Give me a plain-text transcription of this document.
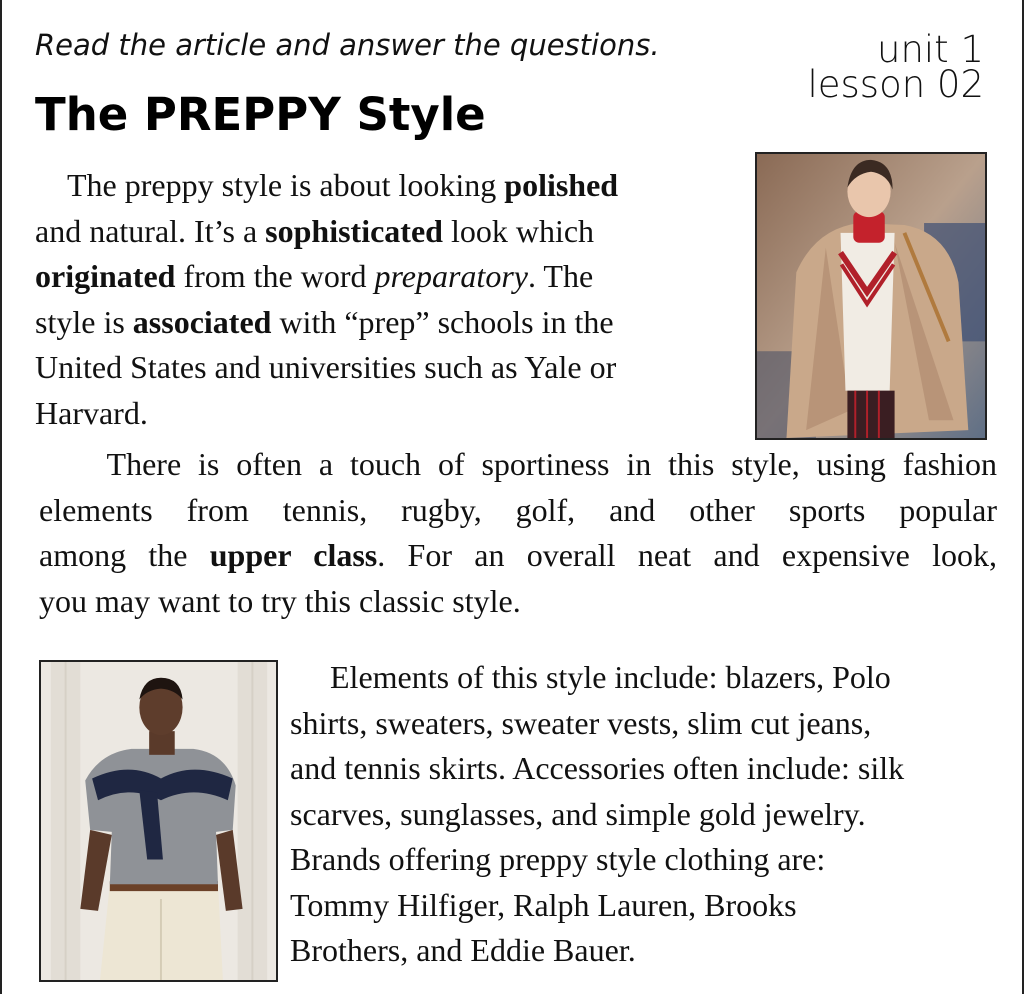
Read the article and answer the questions.	unit 1
lesson 02
The PREPPY Style
The preppy style is about looking polished
and natural. It’s a sophisticated look which
originated from the word preparatory. The
style is associated with “prep” schools in the
United States and universities such as Yale or
Harvard.
There is often a touch of sportiness in this style, using fashion
elements from tennis, rugby, golf, and other sports popular
among the upper class. For an overall neat and expensive look,
you may want to try this classic style.
Elements of this style include: blazers, Polo
shirts, sweaters, sweater vests, slim cut jeans,
and tennis skirts. Accessories often include: silk
scarves, sunglasses, and simple gold jewelry.
Brands offering preppy style clothing are:
Tommy Hilfiger, Ralph Lauren, Brooks
Brothers, and Eddie Bauer.
